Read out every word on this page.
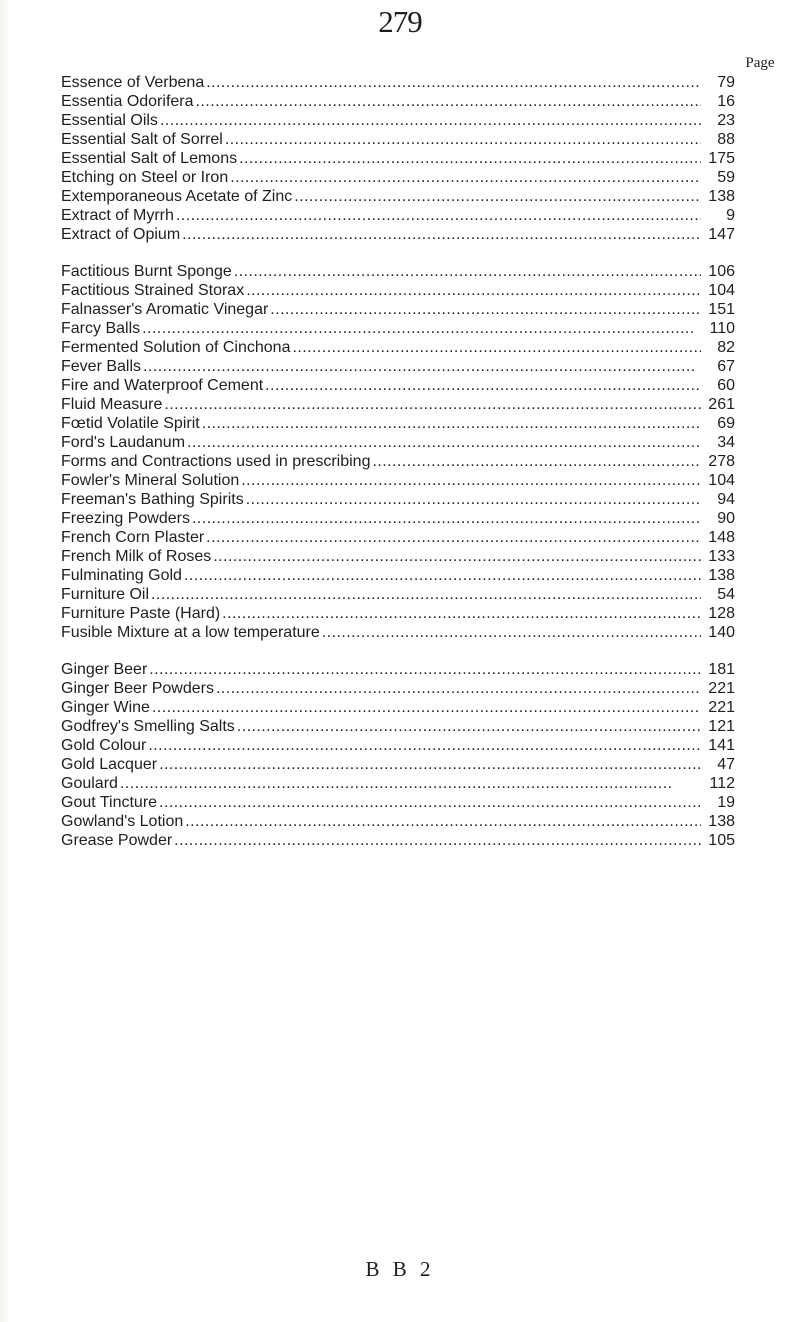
279
Page
Essence of Verbena . . .	79
Essentia Odorifera . . .	16
Essential Oils . . .	23
Essential Salt of Sorrel . . .	88
Essential Salt of Lemons . . .	175
Etching on Steel or Iron . . .	59
Extemporaneous Acetate of Zinc . . .	138
Extract of Myrrh . . .	9
Extract of Opium . . .	147
Factitious Burnt Sponge . . .	106
Factitious Strained Storax . . .	104
Falnasser's Aromatic Vinegar . . .	151
Farcy Balls . . .	110
Fermented Solution of Cinchona . . .	82
Fever Balls . . .	67
Fire and Waterproof Cement . . .	60
Fluid Measure . . .	261
Fœtid Volatile Spirit . . .	69
Ford's Laudanum . . .	34
Forms and Contractions used in prescribing . . .	278
Fowler's Mineral Solution . . .	104
Freeman's Bathing Spirits . . .	94
Freezing Powders . . .	90
French Corn Plaster . . .	148
French Milk of Roses . . .	133
Fulminating Gold . . .	138
Furniture Oil . . .	54
Furniture Paste (Hard) . . .	128
Fusible Mixture at a low temperature . . .	140
Ginger Beer . . .	181
Ginger Beer Powders . . .	221
Ginger Wine . . .	221
Godfrey's Smelling Salts . . .	121
Gold Colour . . .	141
Gold Lacquer . . .	47
Goulard . . .	112
Gout Tincture . . .	19
Gowland's Lotion . . .	138
Grease Powder . . .	105
B B 2
